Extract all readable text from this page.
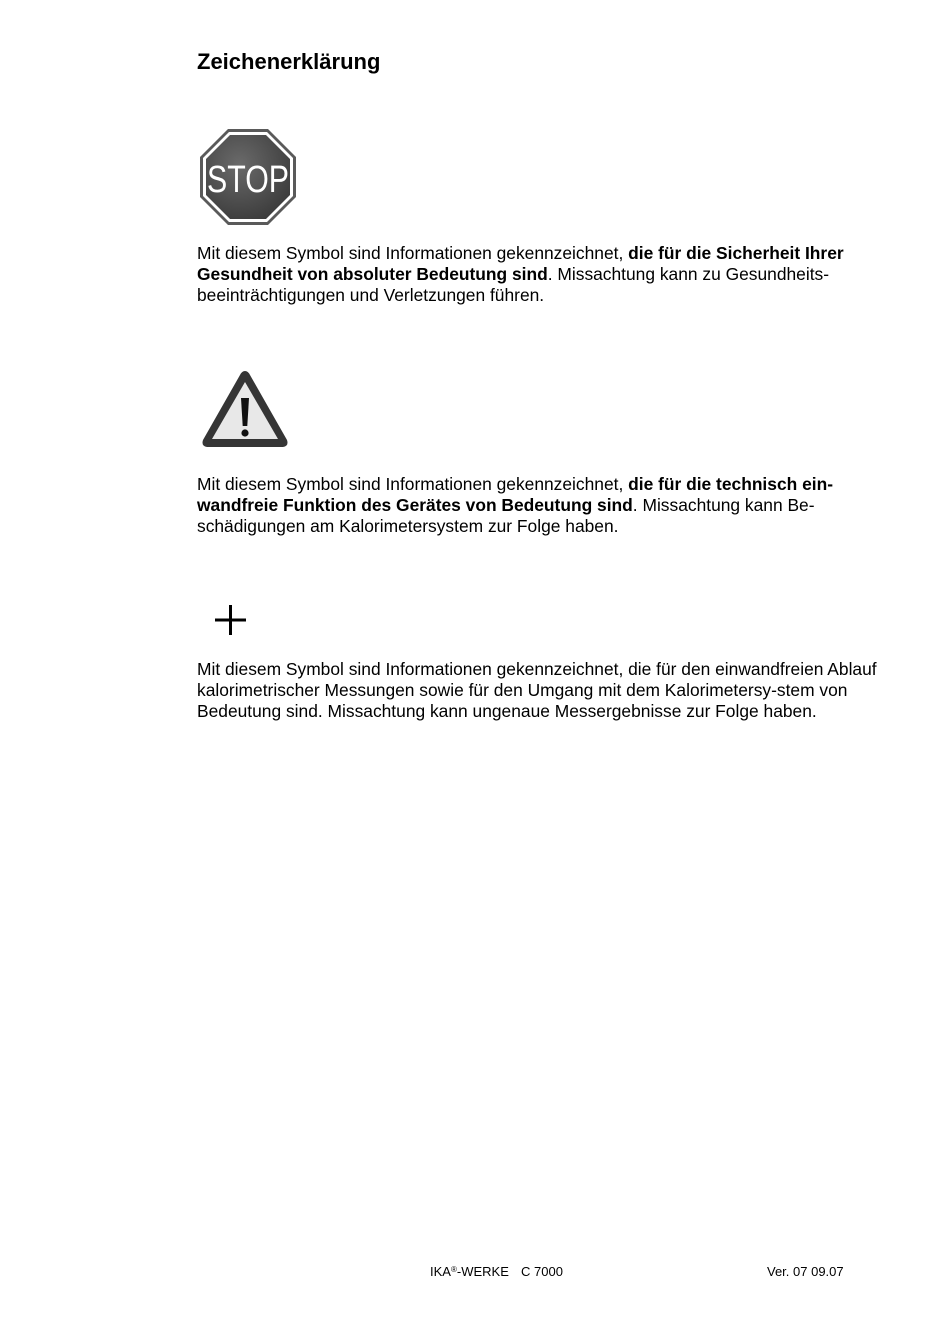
Zeichenerklärung
STOP

Mit diesem Symbol sind Informationen gekennzeichnet, die für die Sicherheit Ihrer Gesundheit von absoluter Bedeutung sind. Missachtung kann zu Gesundheits-beeinträchtigungen und Verletzungen führen.

Mit diesem Symbol sind Informationen gekennzeichnet, die für die technisch ein-wandfreie Funktion des Gerätes von Bedeutung sind. Missachtung kann Be-schädigungen am Kalorimetersystem zur Folge haben.

Mit diesem Symbol sind Informationen gekennzeichnet, die für den einwandfreien Ablauf kalorimetrischer Messungen sowie für den Umgang mit dem Kalorimetersy-stem von Bedeutung sind. Missachtung kann ungenaue Messergebnisse zur Folge haben.

IKA®-WERKE C 7000	Ver. 07 09.07
